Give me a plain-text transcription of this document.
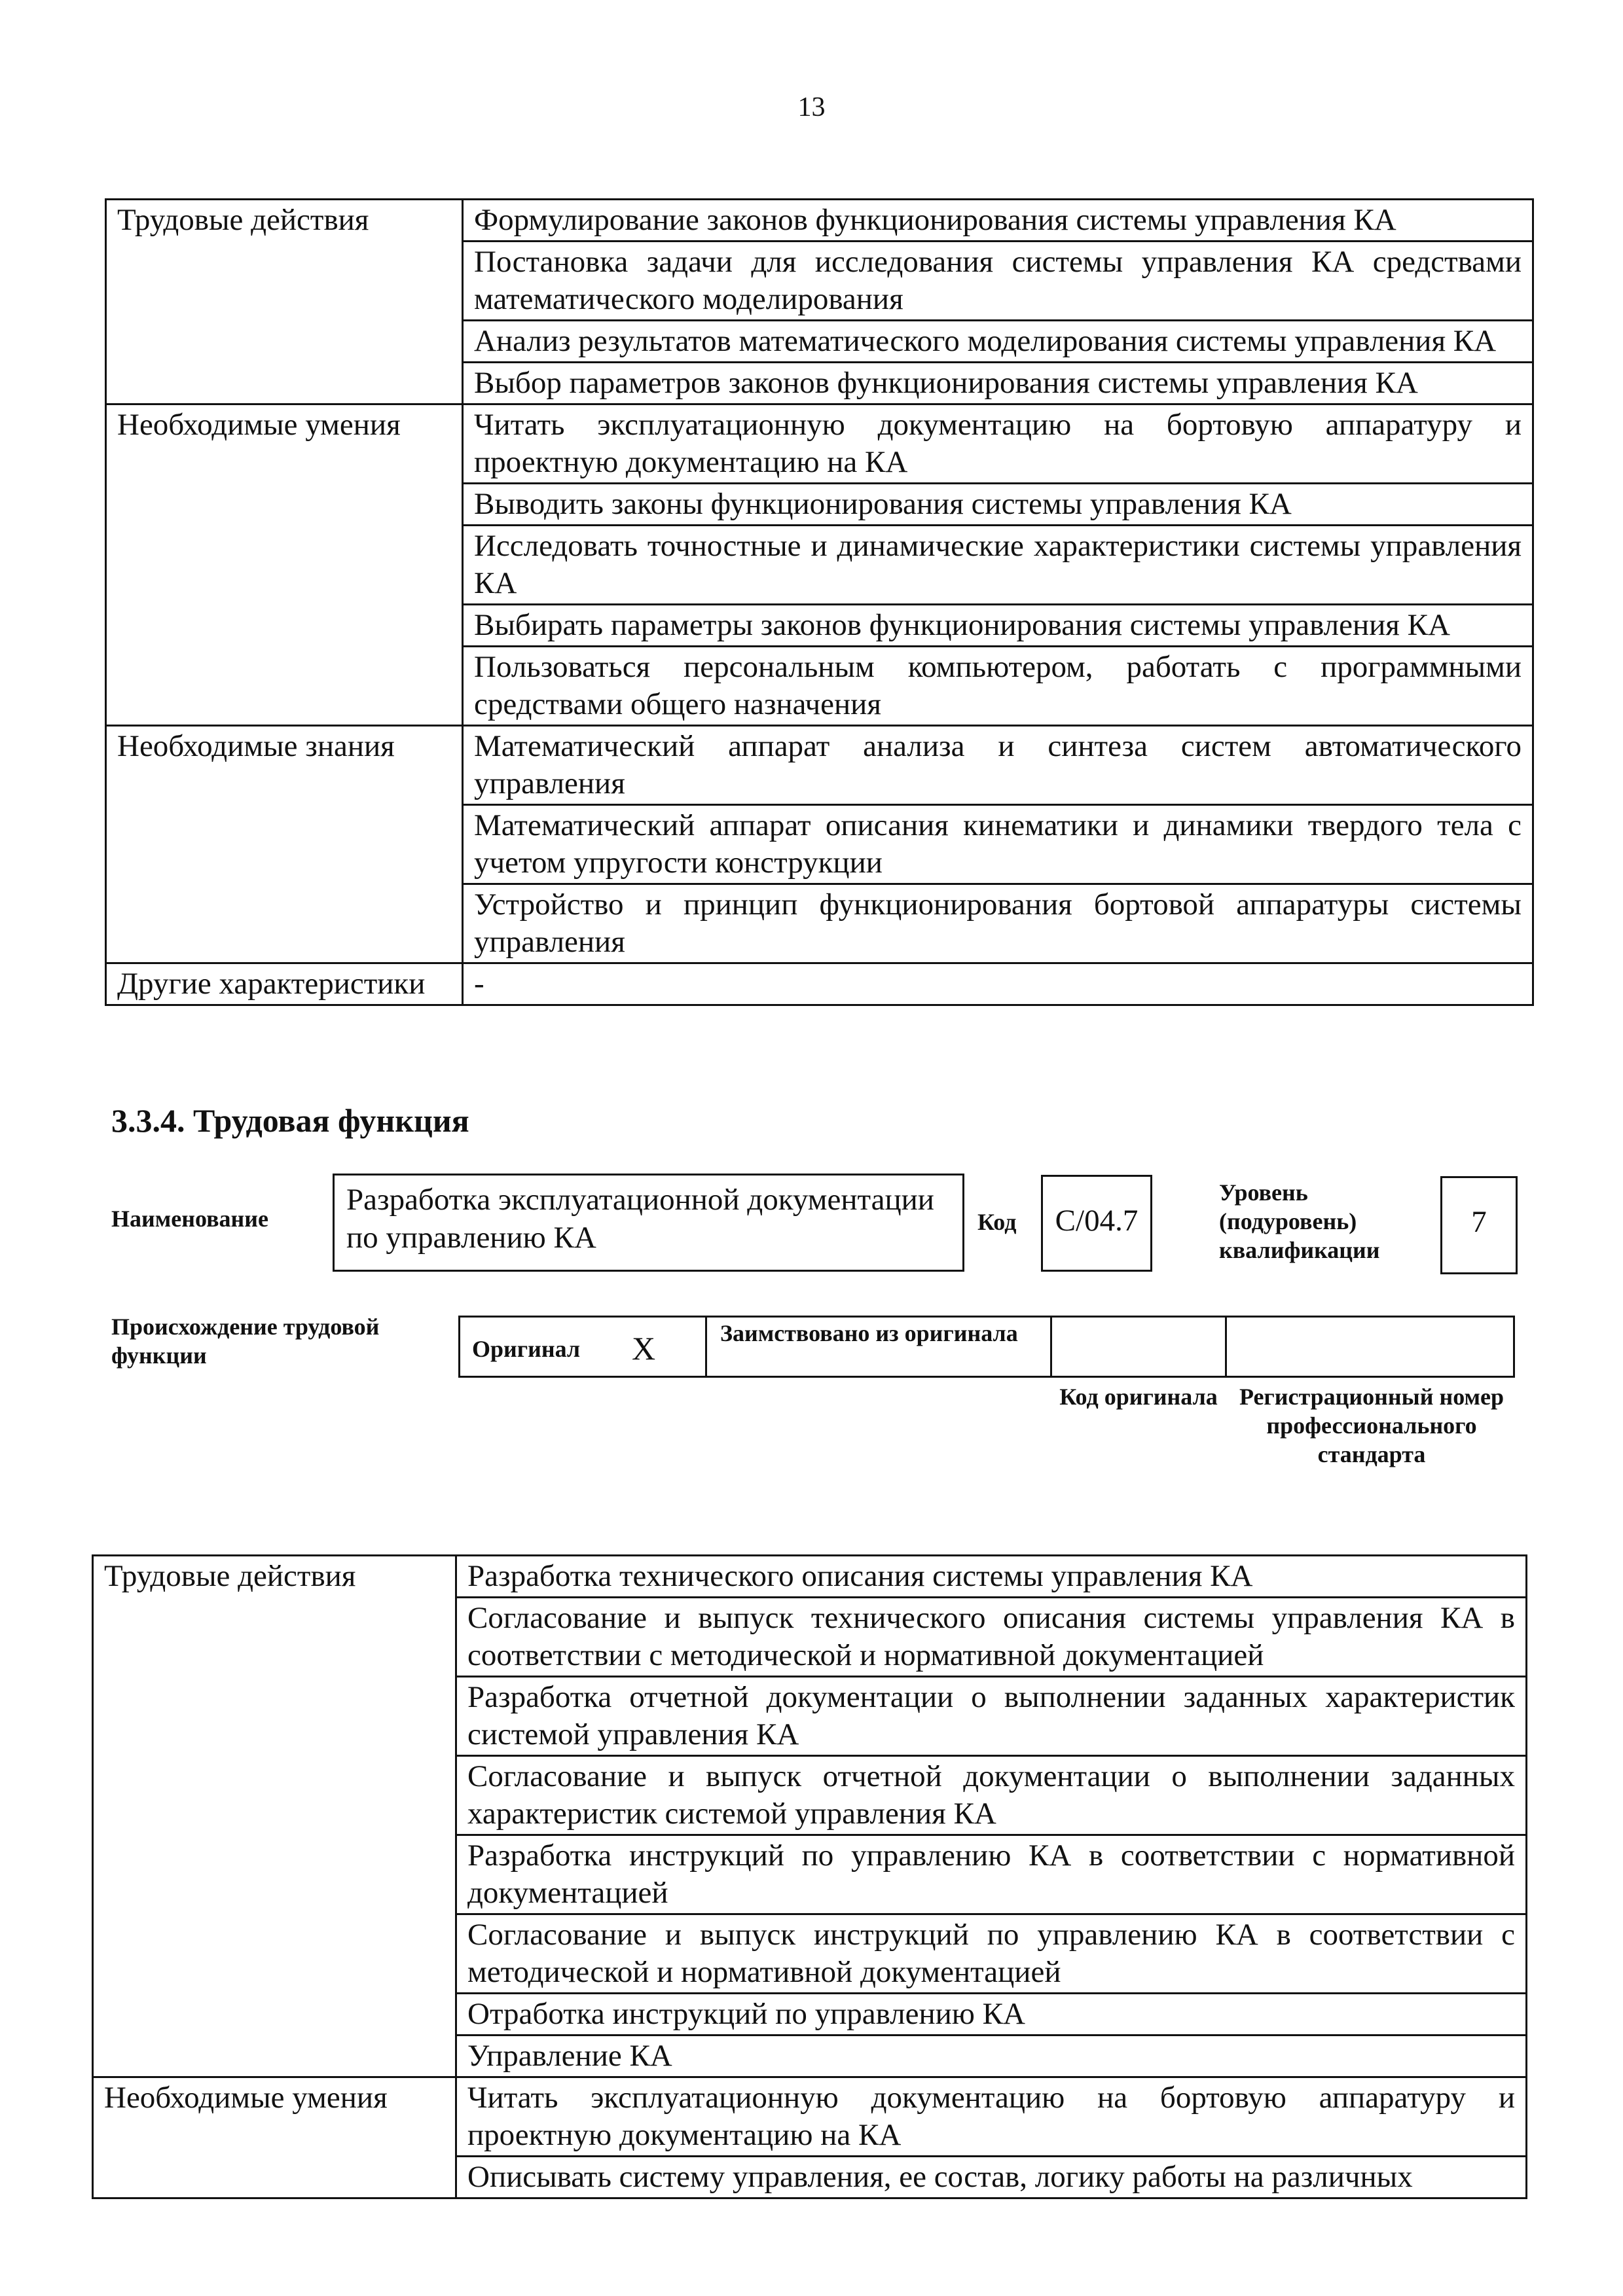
13
Трудовые действия	Формулирование законов функционирования системы управления КА
	Постановка задачи для исследования системы управления КА средствами математического моделирования
	Анализ результатов математического моделирования системы управления КА
	Выбор параметров законов функционирования системы управления КА
Необходимые умения	Читать эксплуатационную документацию на бортовую аппаратуру и проектную документацию на КА
	Выводить законы функционирования системы управления КА
	Исследовать точностные и динамические характеристики системы управления КА
	Выбирать параметры законов функционирования системы управления КА
	Пользоваться персональным компьютером, работать с программными средствами общего назначения
Необходимые знания	Математический аппарат анализа и синтеза систем автоматического управления
	Математический аппарат описания кинематики и динамики твердого тела с учетом упругости конструкции
	Устройство и принцип функционирования бортовой аппаратуры системы управления
Другие характеристики	-
3.3.4. Трудовая функция
Наименование
Разработка эксплуатационной документации по управлению КА	Код	C/04.7
Уровень (подуровень) квалификации
7
Происхождение трудовой функции	Оригинал X	Заимствовано из оригинала
Код оригинала Регистрационный номер профессионального стандарта
Трудовые действия	Разработка технического описания системы управления КА
	Согласование и выпуск технического описания системы управления КА в соответствии с методической и нормативной документацией
	Разработка отчетной документации о выполнении заданных характеристик системой управления КА
	Согласование и выпуск отчетной документации о выполнении заданных характеристик системой управления КА
	Разработка инструкций по управлению КА в соответствии с нормативной документацией
	Согласование и выпуск инструкций по управлению КА в соответствии с методической и нормативной документацией
	Отработка инструкций по управлению КА
	Управление КА
Необходимые умения	Читать эксплуатационную документацию на бортовую аппаратуру и проектную документацию на КА
	Описывать систему управления, ее состав, логику работы на различных
